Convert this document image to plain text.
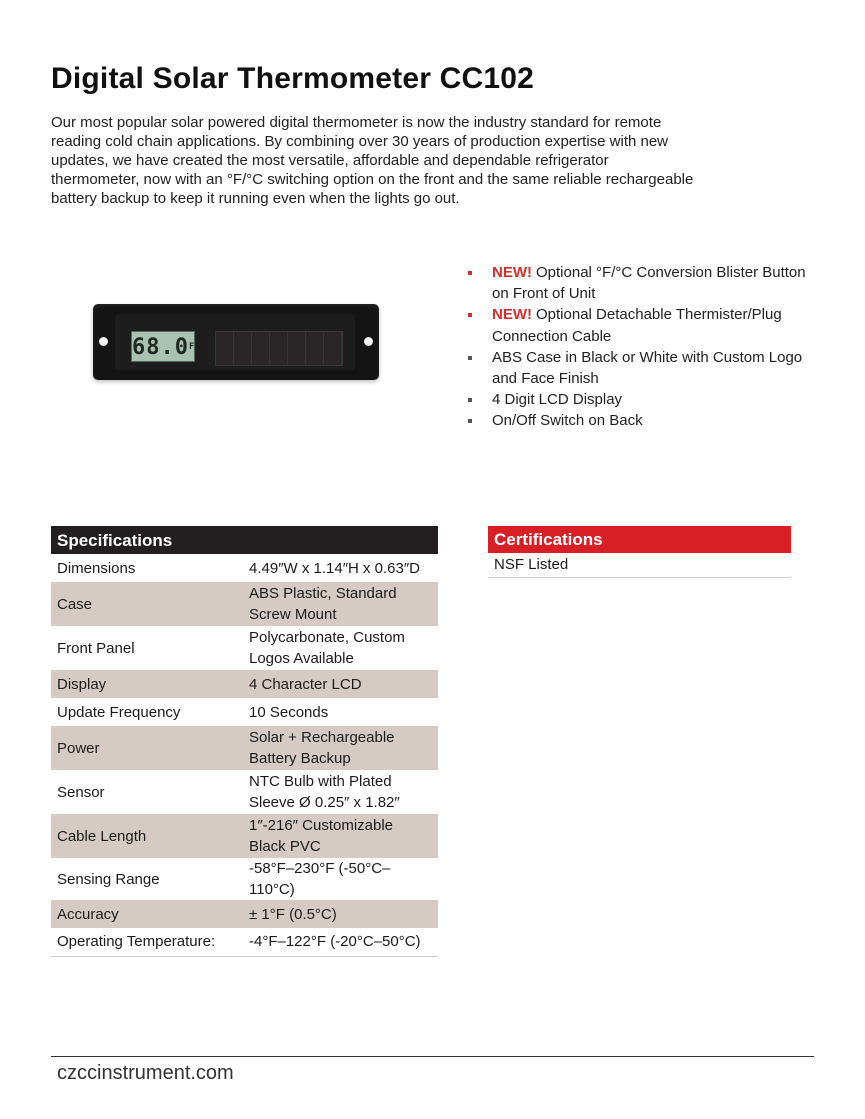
Digital Solar Thermometer CC102

Our most popular solar powered digital thermometer is now the industry standard for remote reading cold chain applications. By combining over 30 years of production expertise with new updates, we have created the most versatile, affordable and dependable refrigerator thermometer, now with an °F/°C switching option on the front and the same reliable rechargeable battery backup to keep it running even when the lights go out.

$68.0^F$
NEW! Optional °F/°C Conversion Blister Button on Front of Unit
NEW! Optional Detachable Thermister/Plug Connection Cable
ABS Case in Black or White with Custom Logo and Face Finish
4 Digit LCD Display
On/Off Switch on Back
Specifications
Dimensions	4.49″W x 1.14″H x 0.63″D
Case	ABS Plastic, Standard Screw Mount
Front Panel	Polycarbonate, Custom Logos Available
Display	4 Character LCD
Update Frequency	10 Seconds
Power	Solar + Rechargeable Battery Backup
Sensor	NTC Bulb with Plated Sleeve Ø 0.25″ x 1.82″
Cable Length	1″-216″ Customizable Black PVC
Sensing Range	-58°F–230°F (-50°C–110°C)
Accuracy	± 1°F (0.5°C)
Operating Temperature:	-4°F–122°F (-20°C–50°C)
Certifications
NSF Listed
czccinstrument.com
